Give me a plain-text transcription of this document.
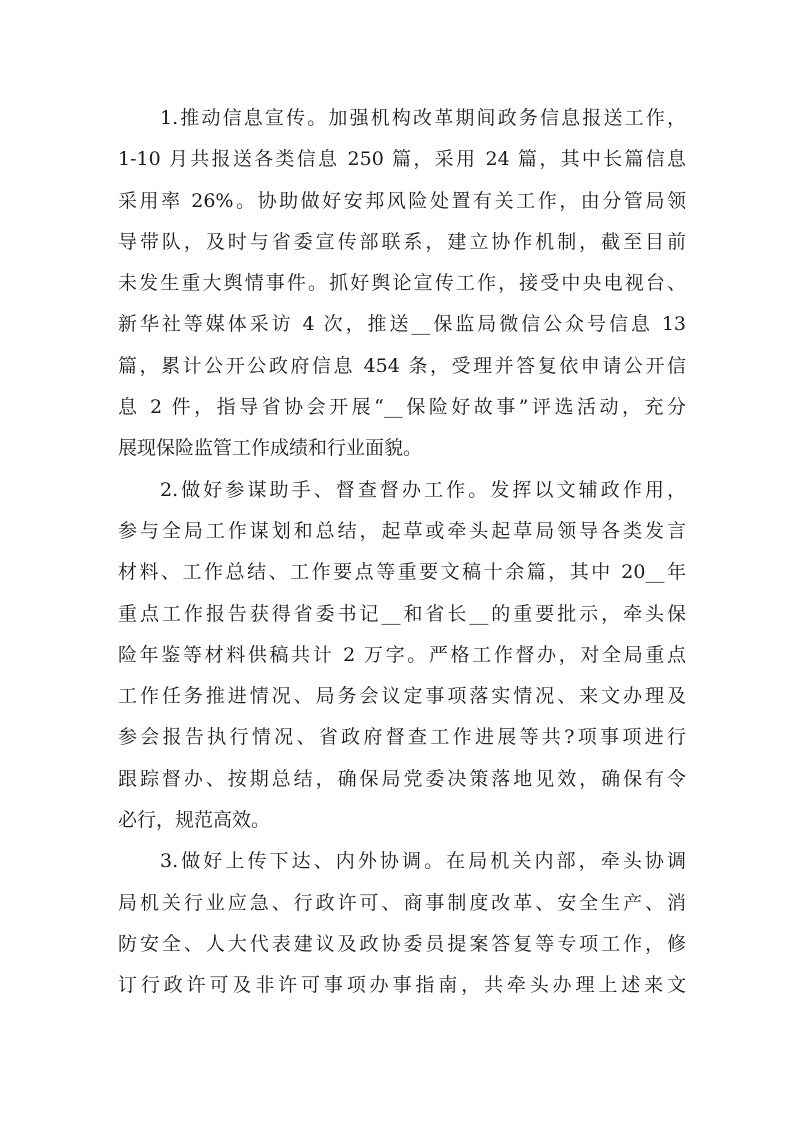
1.推动信息宣传。加强机构改革期间政务信息报送工作，
1-10 月共报送各类信息 250 篇，采用 24 篇，其中长篇信息
采用率 26%。协助做好安邦风险处置有关工作，由分管局领
导带队，及时与省委宣传部联系，建立协作机制，截至目前
未发生重大舆情事件。抓好舆论宣传工作，接受中央电视台、
新华社等媒体采访 4 次，推送__保监局微信公众号信息 13
篇，累计公开公政府信息 454 条，受理并答复依申请公开信
息 2 件，指导省协会开展“__保险好故事”评选活动，充分
展现保险监管工作成绩和行业面貌。
2.做好参谋助手、督查督办工作。发挥以文辅政作用，
参与全局工作谋划和总结，起草或牵头起草局领导各类发言
材料、工作总结、工作要点等重要文稿十余篇，其中 20__年
重点工作报告获得省委书记__和省长__的重要批示，牵头保
险年鉴等材料供稿共计 2 万字。严格工作督办，对全局重点
工作任务推进情况、局务会议定事项落实情况、来文办理及
参会报告执行情况、省政府督查工作进展等共?项事项进行
跟踪督办、按期总结，确保局党委决策落地见效，确保有令
必行，规范高效。
3.做好上传下达、内外协调。在局机关内部，牵头协调
局机关行业应急、行政许可、商事制度改革、安全生产、消
防安全、人大代表建议及政协委员提案答复等专项工作，修
订行政许可及非许可事项办事指南，共牵头办理上述来文
